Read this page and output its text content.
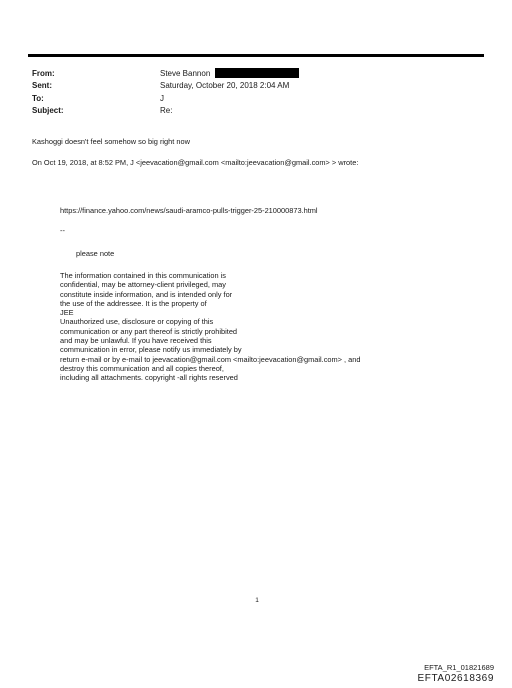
From:	Steve Bannon
Sent:	Saturday, October 20, 2018 2:04 AM
To:	J
Subject:	Re:
Kashoggi doesn't feel somehow so big right now
On Oct 19, 2018, at 8:52 PM, J <jeevacation@gmail.com <mailto:jeevacation@gmail.com> > wrote:
https://finance.yahoo.com/news/saudi-aramco-pulls-trigger-25-210000873.html
--
please note
The information contained in this communication is
confidential, may be attorney-client privileged, may
constitute inside information, and is intended only for
the use of the addressee. It is the property of
JEE
Unauthorized use, disclosure or copying of this
communication or any part thereof is strictly prohibited
and may be unlawful. If you have received this
communication in error, please notify us immediately by
return e-mail or by e-mail to jeevacation@gmail.com <mailto:jeevacation@gmail.com> , and
destroy this communication and all copies thereof,
including all attachments. copyright -all rights reserved
1
EFTA_R1_01821689
EFTA02618369
